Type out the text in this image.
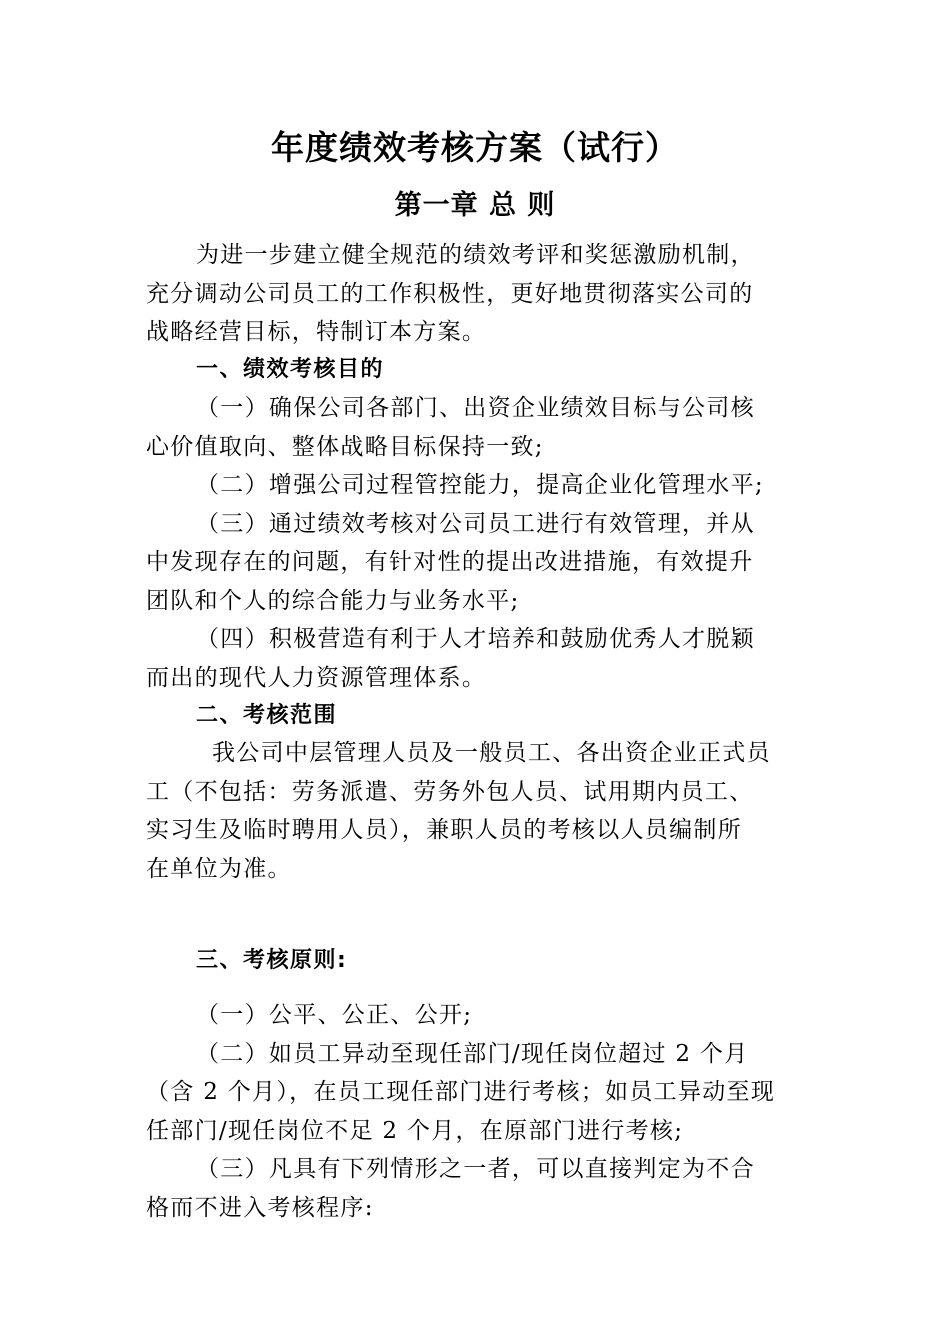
年度绩效考核方案（试行）
第一章 总 则
为进一步建立健全规范的绩效考评和奖惩激励机制，
充分调动公司员工的工作积极性，更好地贯彻落实公司的
战略经营目标，特制订本方案。
一、绩效考核目的
（一）确保公司各部门、出资企业绩效目标与公司核
心价值取向、整体战略目标保持一致;
（二）增强公司过程管控能力，提高企业化管理水平;
（三）通过绩效考核对公司员工进行有效管理，并从
中发现存在的问题，有针对性的提出改进措施，有效提升
团队和个人的综合能力与业务水平;
（四）积极营造有利于人才培养和鼓励优秀人才脱颖
而出的现代人力资源管理体系。
二、考核范围
我公司中层管理人员及一般员工、各出资企业正式员
工（不包括：劳务派遣、劳务外包人员、试用期内员工、
实习生及临时聘用人员），兼职人员的考核以人员编制所
在单位为准。
三、考核原则:
（一）公平、公正、公开;
（二）如员工异动至现任部门/现任岗位超过 2 个月
（含 2 个月），在员工现任部门进行考核；如员工异动至现
任部门/现任岗位不足 2 个月，在原部门进行考核;
（三）凡具有下列情形之一者，可以直接判定为不合
格而不进入考核程序:
